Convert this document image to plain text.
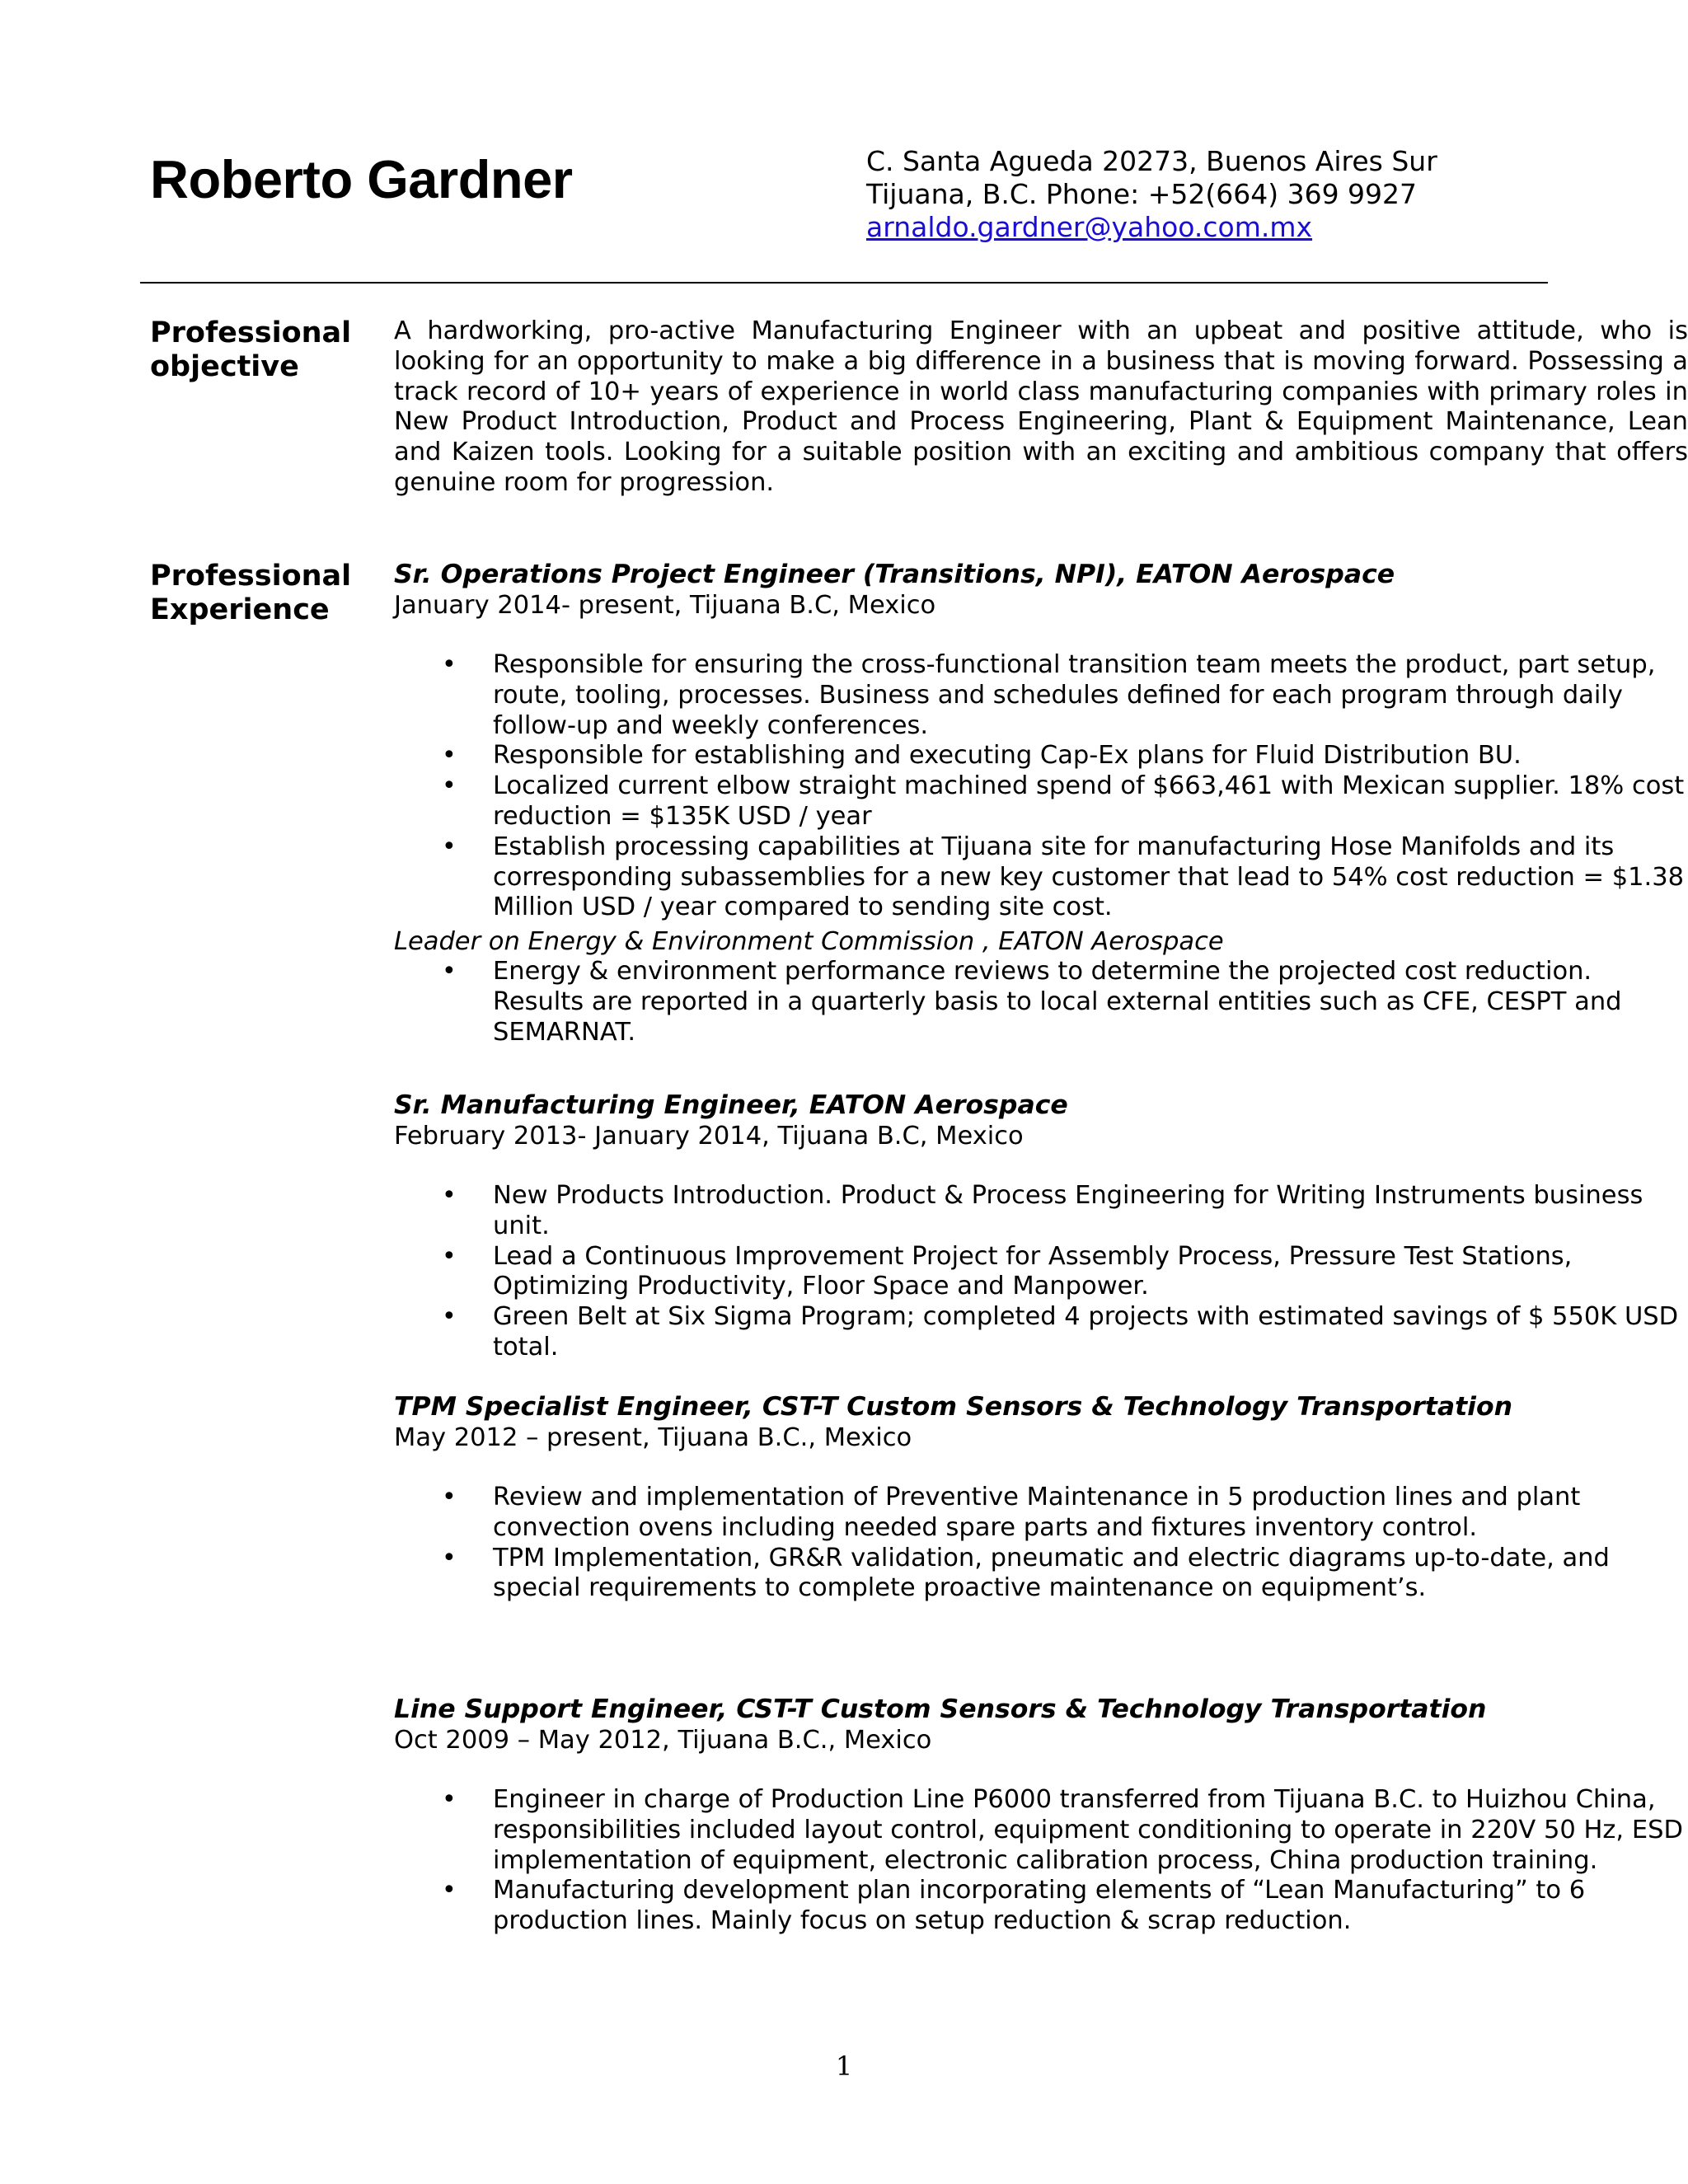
Roberto Gardner	C. Santa Agueda 20273, Buenos Aires Sur
Tijuana, B.C. Phone: +52(664) 369 9927
arnaldo.gardner@yahoo.com.mx
Professional
objective

A hardworking, pro-active Manufacturing Engineer with an upbeat and positive attitude, who is looking for an opportunity to make a big difference in a business that is moving forward. Possessing a track record of 10+ years of experience in world class manufacturing companies with primary roles in New Product Introduction, Product and Process Engineering, Plant & Equipment Maintenance, Lean and Kaizen tools. Looking for a suitable position with an exciting and ambitious company that offers genuine room for progression.

Professional
Experience
Sr. Operations Project Engineer (Transitions, NPI), EATON Aerospace
January 2014- present, Tijuana B.C, Mexico
• Responsible for ensuring the cross-functional transition team meets the product, part setup, route, tooling, processes. Business and schedules defined for each program through daily follow-up and weekly conferences.
• Responsible for establishing and executing Cap-Ex plans for Fluid Distribution BU.
• Localized current elbow straight machined spend of $663,461 with Mexican supplier. 18% cost reduction = $135K USD / year
• Establish processing capabilities at Tijuana site for manufacturing Hose Manifolds and its corresponding subassemblies for a new key customer that lead to 54% cost reduction = $1.38 Million USD / year compared to sending site cost.
Leader on Energy & Environment Commission , EATON Aerospace
• Energy & environment performance reviews to determine the projected cost reduction. Results are reported in a quarterly basis to local external entities such as CFE, CESPT and SEMARNAT.
Sr. Manufacturing Engineer, EATON Aerospace
February 2013- January 2014, Tijuana B.C, Mexico
• New Products Introduction. Product & Process Engineering for Writing Instruments business unit.
• Lead a Continuous Improvement Project for Assembly Process, Pressure Test Stations, Optimizing Productivity, Floor Space and Manpower.
• Green Belt at Six Sigma Program; completed 4 projects with estimated savings of $ 550K USD total.
TPM Specialist Engineer, CST-T Custom Sensors & Technology Transportation
May 2012 – present, Tijuana B.C., Mexico
• Review and implementation of Preventive Maintenance in 5 production lines and plant convection ovens including needed spare parts and fixtures inventory control.
• TPM Implementation, GR&R validation, pneumatic and electric diagrams up-to-date, and special requirements to complete proactive maintenance on equipment’s.
Line Support Engineer, CST-T Custom Sensors & Technology Transportation
Oct 2009 – May 2012, Tijuana B.C., Mexico
• Engineer in charge of Production Line P6000 transferred from Tijuana B.C. to Huizhou China, responsibilities included layout control, equipment conditioning to operate in 220V 50 Hz, ESD implementation of equipment, electronic calibration process, China production training.
• Manufacturing development plan incorporating elements of “Lean Manufacturing” to 6 production lines. Mainly focus on setup reduction & scrap reduction.
1
